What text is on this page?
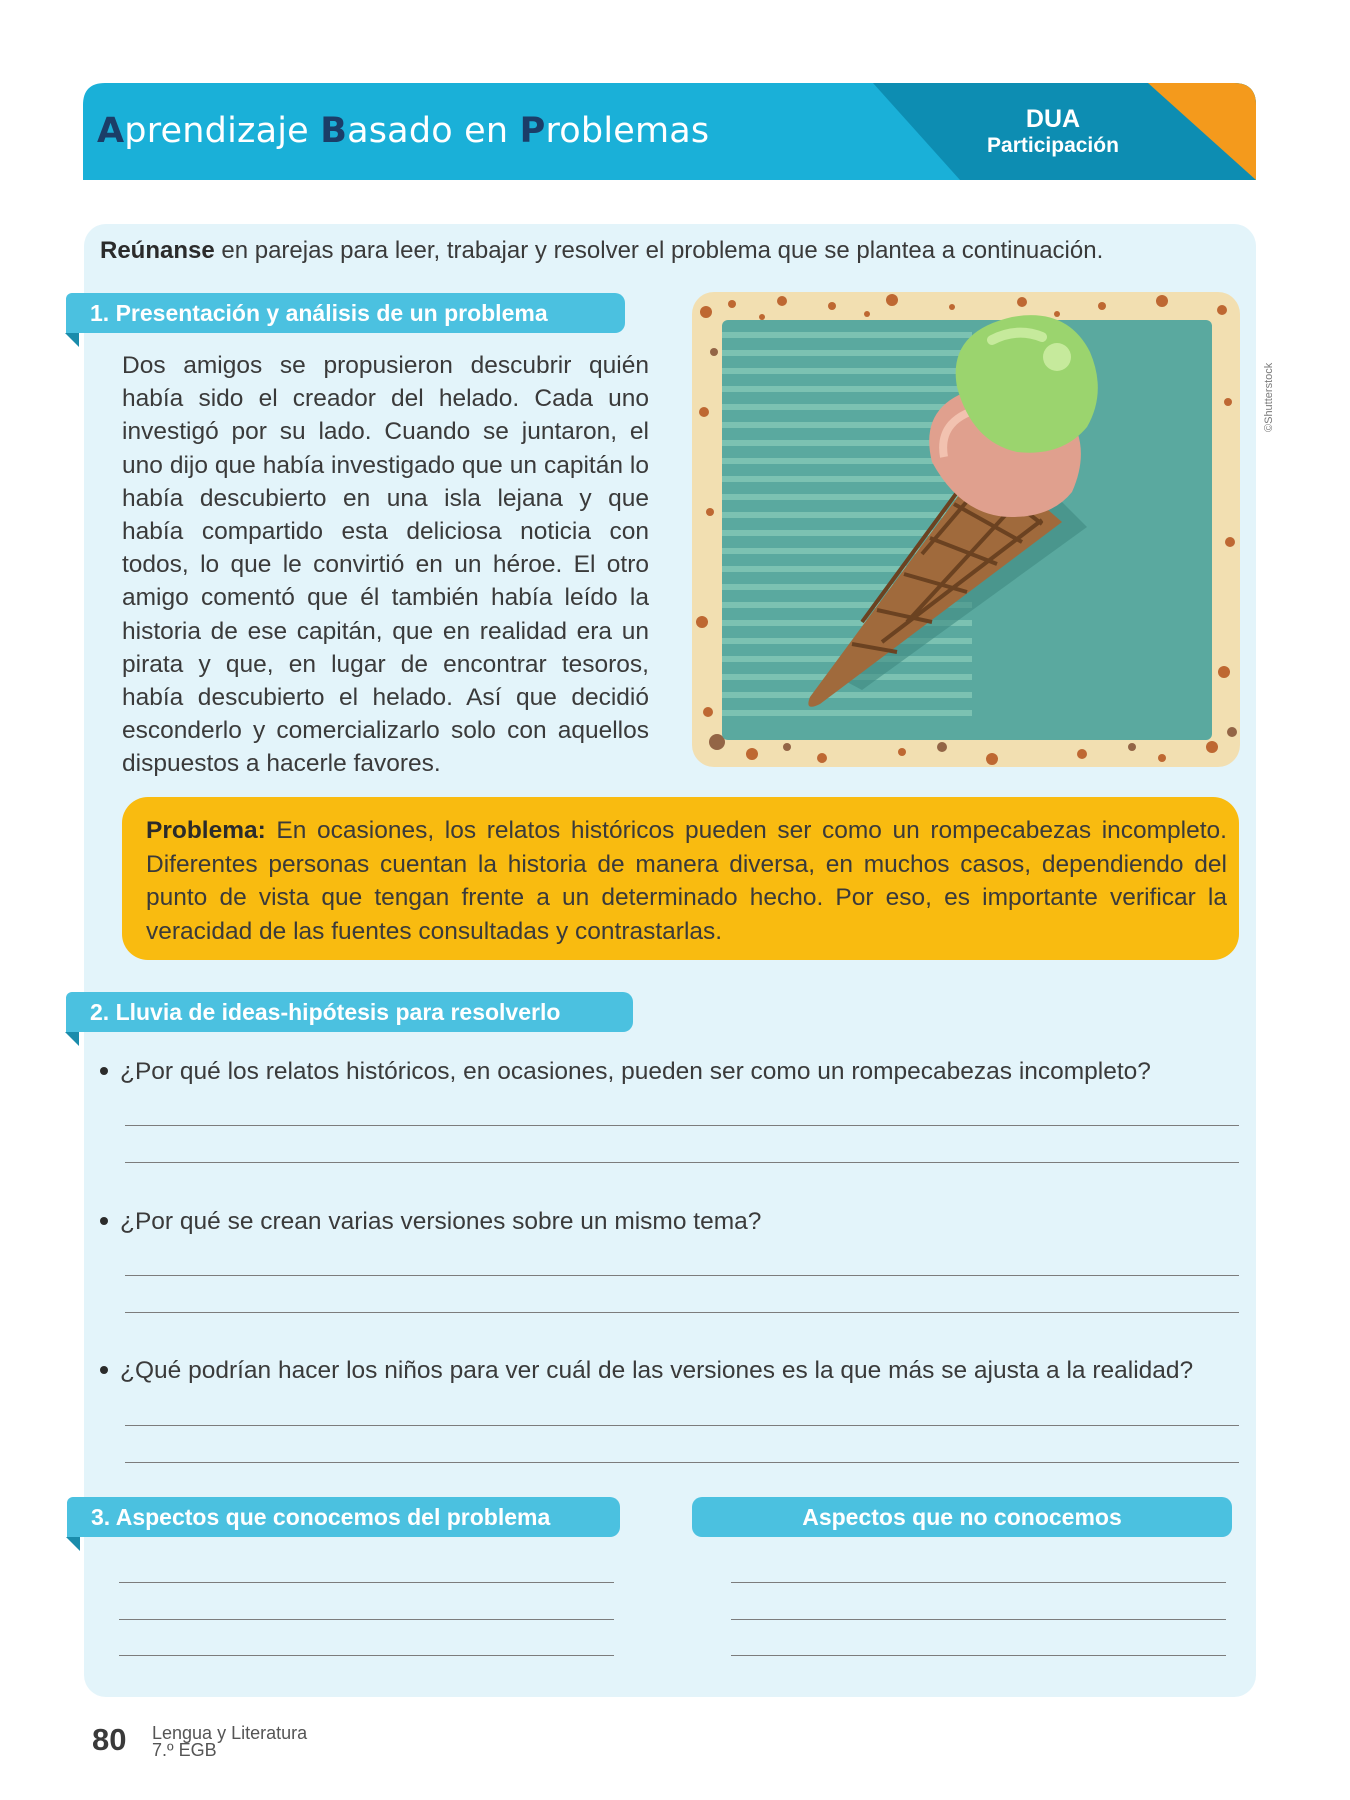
Aprendizaje Basado en Problemas	DUA
Participación
Reúnanse en parejas para leer, trabajar y resolver el problema que se plantea a continuación.
1. Presentación y análisis de un problema
Dos amigos se propusieron descubrir quién había sido el creador del helado. Cada uno investigó por su lado. Cuando se juntaron, el uno dijo que había investigado que un capitán lo había descubierto en una isla lejana y que había compartido esta deliciosa noticia con todos, lo que le convirtió en un héroe. El otro amigo comentó que él también había leído la historia de ese capitán, que en realidad era un pirata y que, en lugar de encontrar tesoros, había descubierto el helado. Así que decidió esconderlo y comercializarlo solo con aquellos dispuestos a hacerle favores.
©Shutterstock
Problema: En ocasiones, los relatos históricos pueden ser como un rompecabezas incompleto. Diferentes personas cuentan la historia de manera diversa, en muchos casos, dependiendo del punto de vista que tengan frente a un determinado hecho. Por eso, es importante verificar la veracidad de las fuentes consultadas y contrastarlas.
2. Lluvia de ideas-hipótesis para resolverlo
¿Por qué los relatos históricos, en ocasiones, pueden ser como un rompecabezas incompleto?
¿Por qué se crean varias versiones sobre un mismo tema?
¿Qué podrían hacer los niños para ver cuál de las versiones es la que más se ajusta a la realidad?
3. Aspectos que conocemos del problema	Aspectos que no conocemos
80 Lengua y Literatura
7.º EGB
